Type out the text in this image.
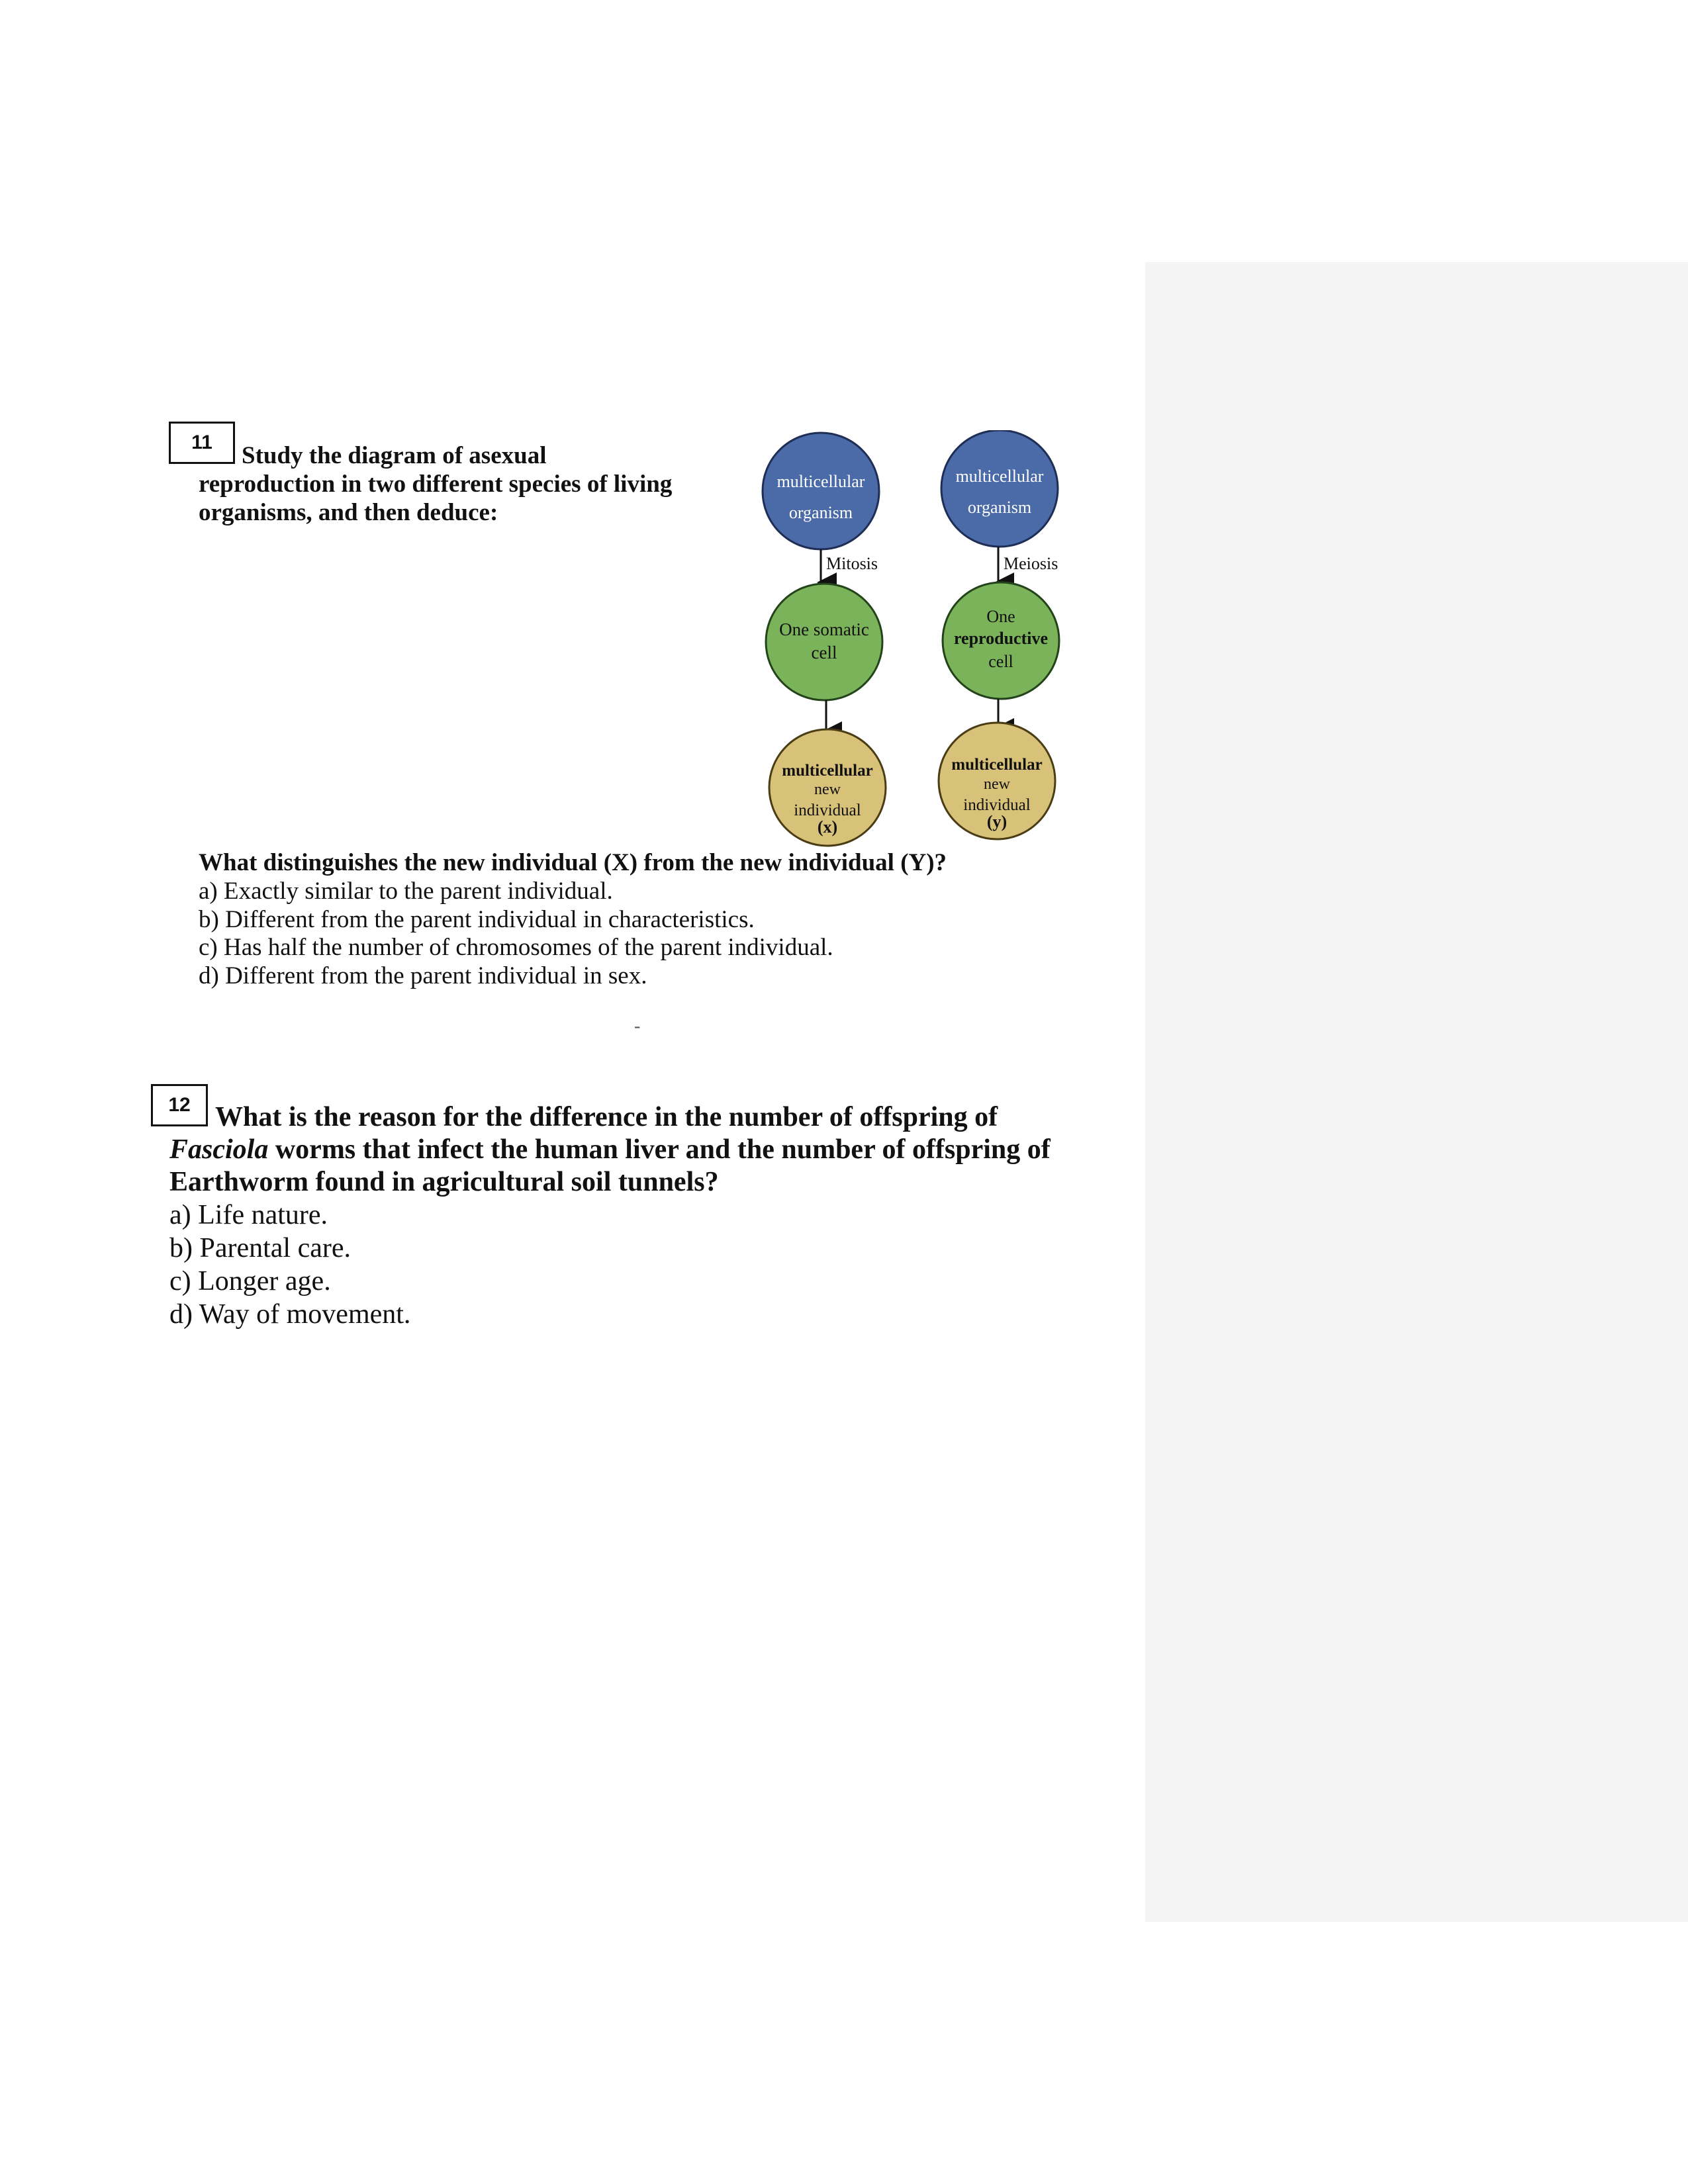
11	Study the diagram of asexual
reproduction in two different species of living
organisms, and then deduce:
multicellular
organism
Mitosis
One somatic
cell
multicellular
new
individual
(x)
multicellular
organism
Meiosis
One
reproductive
cell
multicellular
new
individual
(y)
What distinguishes the new individual (X) from the new individual (Y)?
a) Exactly similar to the parent individual.
b) Different from the parent individual in characteristics.
c) Has half the number of chromosomes of the parent individual.
d) Different from the parent individual in sex.
-
12 What is the reason for the difference in the number of offspring of
Fasciola worms that infect the human liver and the number of offspring of
Earthworm found in agricultural soil tunnels?
a) Life nature.
b) Parental care.
c) Longer age.
d) Way of movement.
